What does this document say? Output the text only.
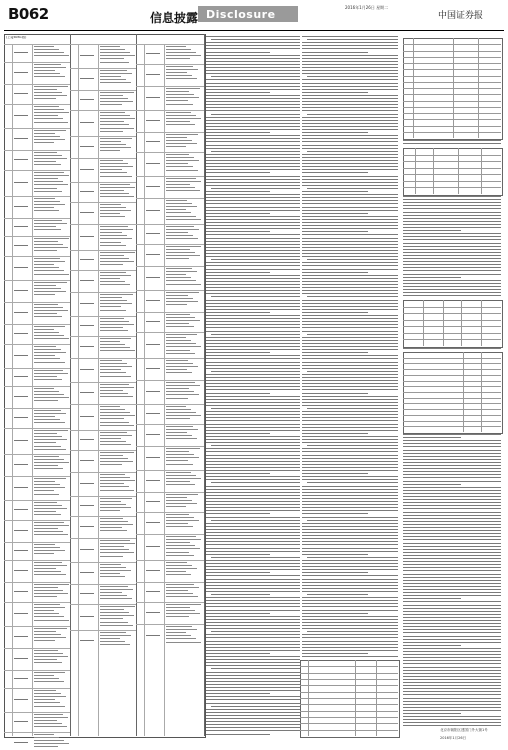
B062	信息披露 Disclosure
2016年1月26日 星期二
中国证券报
(上接B061版)
北京市朝阳区建国门外大街1号
2016年1月26日
